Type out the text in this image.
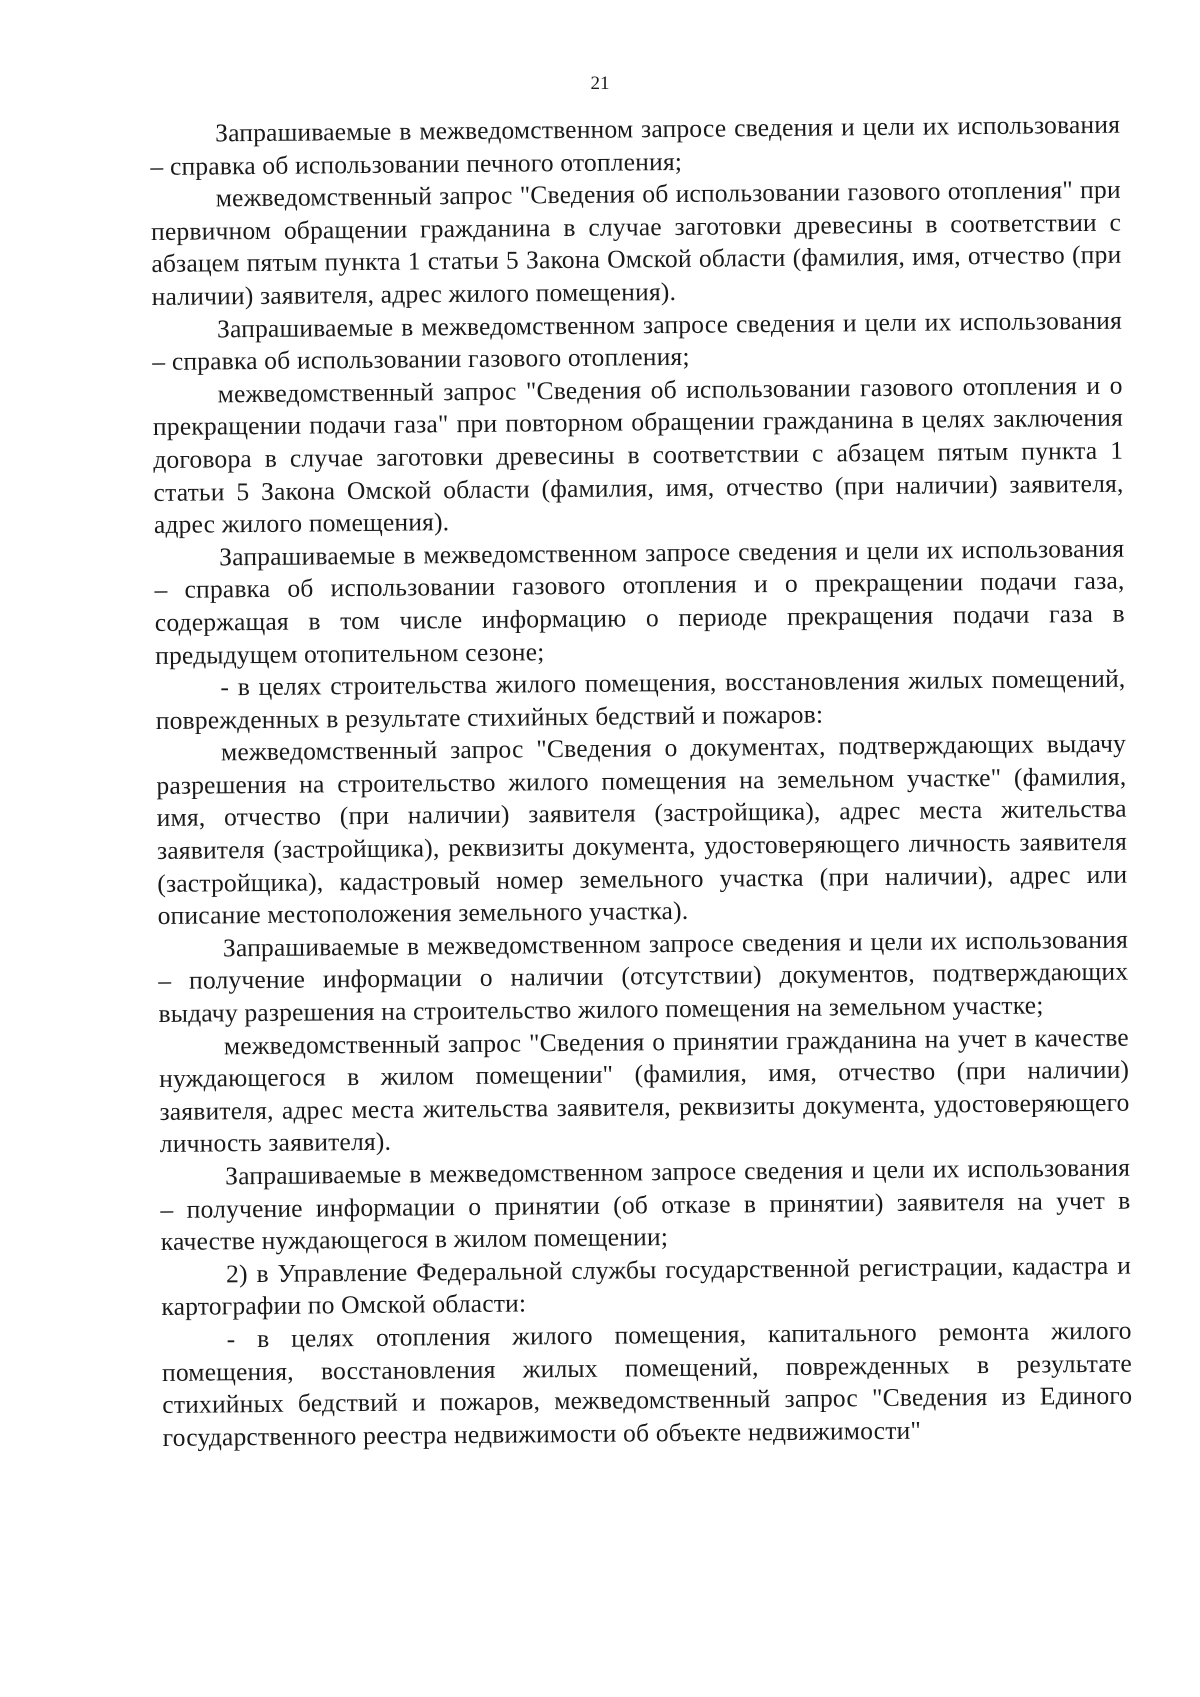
21

Запрашиваемые в межведомственном запросе сведения и цели их использования – справка об использовании печного отопления;

межведомственный запрос "Сведения об использовании газового отопления" при первичном обращении гражданина в случае заготовки древесины в соответствии с абзацем пятым пункта 1 статьи 5 Закона Омской области (фамилия, имя, отчество (при наличии) заявителя, адрес жилого помещения).

Запрашиваемые в межведомственном запросе сведения и цели их использования – справка об использовании газового отопления;

межведомственный запрос "Сведения об использовании газового отопления и о прекращении подачи газа" при повторном обращении гражданина в целях заключения договора в случае заготовки древесины в соответствии с абзацем пятым пункта 1 статьи 5 Закона Омской области (фамилия, имя, отчество (при наличии) заявителя, адрес жилого помещения).

Запрашиваемые в межведомственном запросе сведения и цели их использования – справка об использовании газового отопления и о прекращении подачи газа, содержащая в том числе информацию о периоде прекращения подачи газа в предыдущем отопительном сезоне;

- в целях строительства жилого помещения, восстановления жилых помещений, поврежденных в результате стихийных бедствий и пожаров:

межведомственный запрос "Сведения о документах, подтверждающих выдачу разрешения на строительство жилого помещения на земельном участке" (фамилия, имя, отчество (при наличии) заявителя (застройщика), адрес места жительства заявителя (застройщика), реквизиты документа, удостоверяющего личность заявителя (застройщика), кадастровый номер земельного участка (при наличии), адрес или описание местоположения земельного участка).

Запрашиваемые в межведомственном запросе сведения и цели их использования – получение информации о наличии (отсутствии) документов, подтверждающих выдачу разрешения на строительство жилого помещения на земельном участке;

межведомственный запрос "Сведения о принятии гражданина на учет в качестве нуждающегося в жилом помещении" (фамилия, имя, отчество (при наличии) заявителя, адрес места жительства заявителя, реквизиты документа, удостоверяющего личность заявителя).

Запрашиваемые в межведомственном запросе сведения и цели их использования – получение информации о принятии (об отказе в принятии) заявителя на учет в качестве нуждающегося в жилом помещении;

2) в Управление Федеральной службы государственной регистрации, кадастра и картографии по Омской области:

- в целях отопления жилого помещения, капитального ремонта жилого помещения, восстановления жилых помещений, поврежденных в результате стихийных бедствий и пожаров, межведомственный запрос "Сведения из Единого государственного реестра недвижимости об объекте недвижимости"
